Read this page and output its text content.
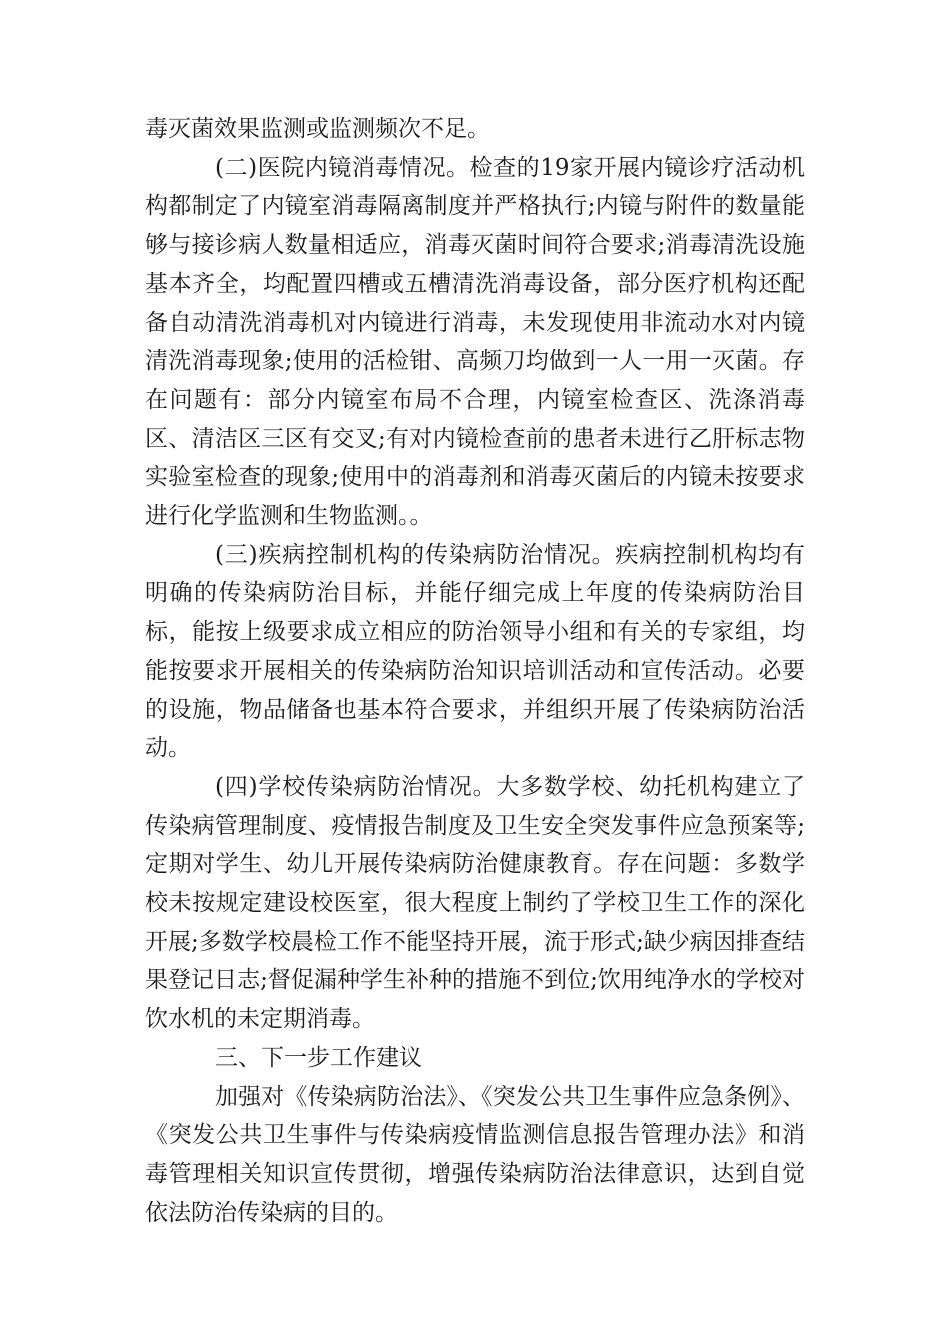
毒灭菌效果监测或监测频次不足。

(二)医院内镜消毒情况。检查的19家开展内镜诊疗活动机构都制定了内镜室消毒隔离制度并严格执行;内镜与附件的数量能够与接诊病人数量相适应，消毒灭菌时间符合要求;消毒清洗设施基本齐全，均配置四槽或五槽清洗消毒设备，部分医疗机构还配备自动清洗消毒机对内镜进行消毒，未发现使用非流动水对内镜清洗消毒现象;使用的活检钳、高频刀均做到一人一用一灭菌。存在问题有：部分内镜室布局不合理，内镜室检查区、洗涤消毒区、清洁区三区有交叉;有对内镜检查前的患者未进行乙肝标志物实验室检查的现象;使用中的消毒剂和消毒灭菌后的内镜未按要求进行化学监测和生物监测。。

(三)疾病控制机构的传染病防治情况。疾病控制机构均有明确的传染病防治目标，并能仔细完成上年度的传染病防治目标，能按上级要求成立相应的防治领导小组和有关的专家组，均能按要求开展相关的传染病防治知识培训活动和宣传活动。必要的设施，物品储备也基本符合要求，并组织开展了传染病防治活动。

(四)学校传染病防治情况。大多数学校、幼托机构建立了传染病管理制度、疫情报告制度及卫生安全突发事件应急预案等;定期对学生、幼儿开展传染病防治健康教育。存在问题：多数学校未按规定建设校医室，很大程度上制约了学校卫生工作的深化开展;多数学校晨检工作不能坚持开展，流于形式;缺少病因排查结果登记日志;督促漏种学生补种的措施不到位;饮用纯净水的学校对饮水机的未定期消毒。

三、下一步工作建议

加强对《传染病防治法》、《突发公共卫生事件应急条例》、《突发公共卫生事件与传染病疫情监测信息报告管理办法》和消毒管理相关知识宣传贯彻，增强传染病防治法律意识，达到自觉依法防治传染病的目的。
